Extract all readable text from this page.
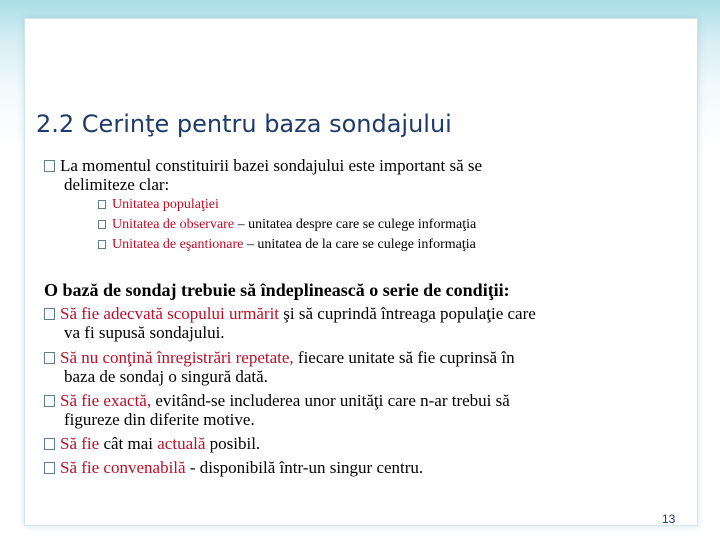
2.2 Cerinţe pentru baza sondajului
La momentul constituirii bazei sondajului este important să se
delimiteze clar:
Unitatea populaţiei
Unitatea de observare – unitatea despre care se culege informaţia
Unitatea de eşantionare – unitatea de la care se culege informaţia
O bază de sondaj trebuie să îndeplinească o serie de condiţii:
Să fie adecvată scopului urmărit şi să cuprindă întreaga populaţie care
va fi supusă sondajului.
Să nu conţină înregistrări repetate, fiecare unitate să fie cuprinsă în
baza de sondaj o singură dată.
Să fie exactă, evitând-se includerea unor unităţi care n-ar trebui să
figureze din diferite motive.
Să fie cât mai actuală posibil.
Să fie convenabilă - disponibilă într-un singur centru.
13
